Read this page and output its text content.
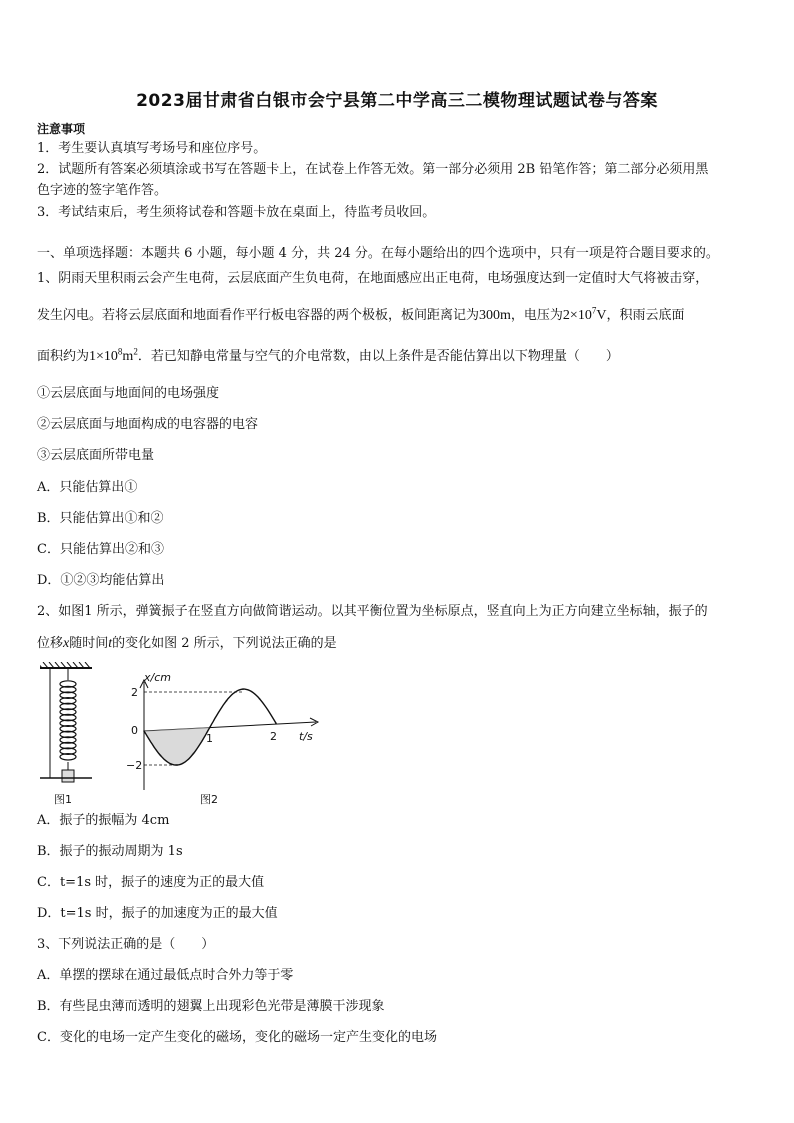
2023届甘肃省白银市会宁县第二中学高三二模物理试题试卷与答案
注意事项
1．考生要认真填写考场号和座位序号。
2．试题所有答案必须填涂或书写在答题卡上，在试卷上作答无效。第一部分必须用 2B 铅笔作答；第二部分必须用黑
色字迹的签字笔作答。
3．考试结束后，考生须将试卷和答题卡放在桌面上，待监考员收回。
一、单项选择题：本题共 6 小题，每小题 4 分，共 24 分。在每小题给出的四个选项中，只有一项是符合题目要求的。
1、阴雨天里积雨云会产生电荷，云层底面产生负电荷，在地面感应出正电荷，电场强度达到一定值时大气将被击穿，
发生闪电。若将云层底面和地面看作平行板电容器的两个极板，板间距离记为300m，电压为$2\times 10^7V$，积雨云底面
面积约为$1\times 10^8m^2$．若已知静电常量与空气的介电常数，由以上条件是否能估算出以下物理量（　　）
①云层底面与地面间的电场强度
②云层底面与地面构成的电容器的电容
③云层底面所带电量
A．只能估算出①
B．只能估算出①和②
C．只能估算出②和③
D．①②③均能估算出
2、如图1 所示，弹簧振子在竖直方向做简谐运动。以其平衡位置为坐标原点，竖直向上为正方向建立坐标轴，振子的
位移x随时间t的变化如图 2 所示，下列说法正确的是
图1
x/cm
t/s
2
0
−2
1	2
图2
A．振子的振幅为 4cm
B．振子的振动周期为 1s
C．t=1s 时，振子的速度为正的最大值
D．t=1s 时，振子的加速度为正的最大值
3、下列说法正确的是（　　）
A．单摆的摆球在通过最低点时合外力等于零
B．有些昆虫薄而透明的翅翼上出现彩色光带是薄膜干涉现象
C．变化的电场一定产生变化的磁场，变化的磁场一定产生变化的电场
